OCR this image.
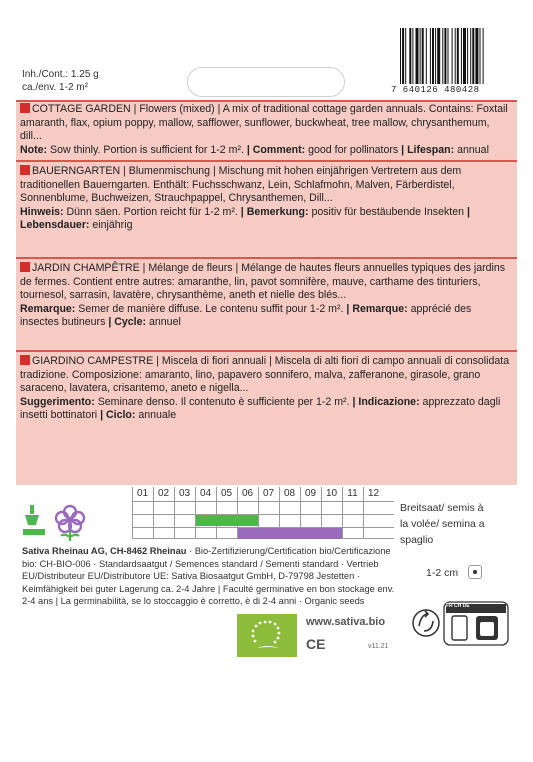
Inh./Cont.: 1.25 g
ca./env. 1-2 m²	7 640126 480428
COTTAGE GARDEN | Flowers (mixed) | A mix of traditional cottage garden annuals. Contains: Foxtail amaranth, flax, opium poppy, mallow, safflower, sunflower, buckwheat, tree mallow, chrysanthemum, dill...
Note: Sow thinly. Portion is sufficient for 1-2 m². | Comment: good for pollinators | Lifespan: annual
BAUERNGARTEN | Blumenmischung | Mischung mit hohen einjährigen Vertretern aus dem traditionellen Bauerngarten. Enthält: Fuchsschwanz, Lein, Schlafmohn, Malven, Färberdistel, Sonnenblume, Buchweizen, Strauchpappel, Chrysanthemen, Dill...
Hinweis: Dünn säen. Portion reicht für 1-2 m². | Bemerkung: positiv für bestäubende Insekten | Lebensdauer: einjährig
JARDIN CHAMPÊTRE | Mélange de fleurs | Mélange de hautes fleurs annuelles typiques des jardins de fermes. Contient entre autres: amaranthe, lin, pavot somnifère, mauve, carthame des tinturiers, tournesol, sarrasin, lavatère, chrysanthème, aneth et nielle des blés...
Remarque: Semer de manière diffuse. Le contenu suffit pour 1-2 m². | Remarque: apprécié des insectes butineurs | Cycle: annuel
GIARDINO CAMPESTRE | Miscela di fiori annuali | Miscela di alti fiori di campo annuali di consolidata tradizione. Composizione: amaranto, lino, papavero sonnifero, malva, zafferanone, girasole, grano saraceno, lavatera, crisantemo, aneto e nigella...
Suggerimento: Seminare denso. Il contenuto è sufficiente per 1-2 m². | Indicazione: apprezzato dagli insetti bottinatori | Ciclo: annuale
01 02 03 04 05 06 07 08 09 10	11	12
Breitsaat/ semis à
la volée/ semina a
spaglio
1-2 cm
Sativa Rheinau AG, CH-8462 Rheinau · Bio-Zertifizierung/Certification bio/Certificazione bio: CH-BIO-006 · Standardsaatgut / Semences standard / Sementi standard · Vertrieb EU/Distributeur EU/Distributore UE: Sativa Biosaatgut GmbH, D-79798 Jestetten · Keimfähigkeit bei guter Lagerung ca. 2-4 Jahre | Faculté germinative en bon stockage env. 2-4 ans | La germinabilità, se lo stoccaggio è corretto, è di 2-4 anni · Organic seeds
www.sativa.bio
CE	v11.21
FR CH DE
